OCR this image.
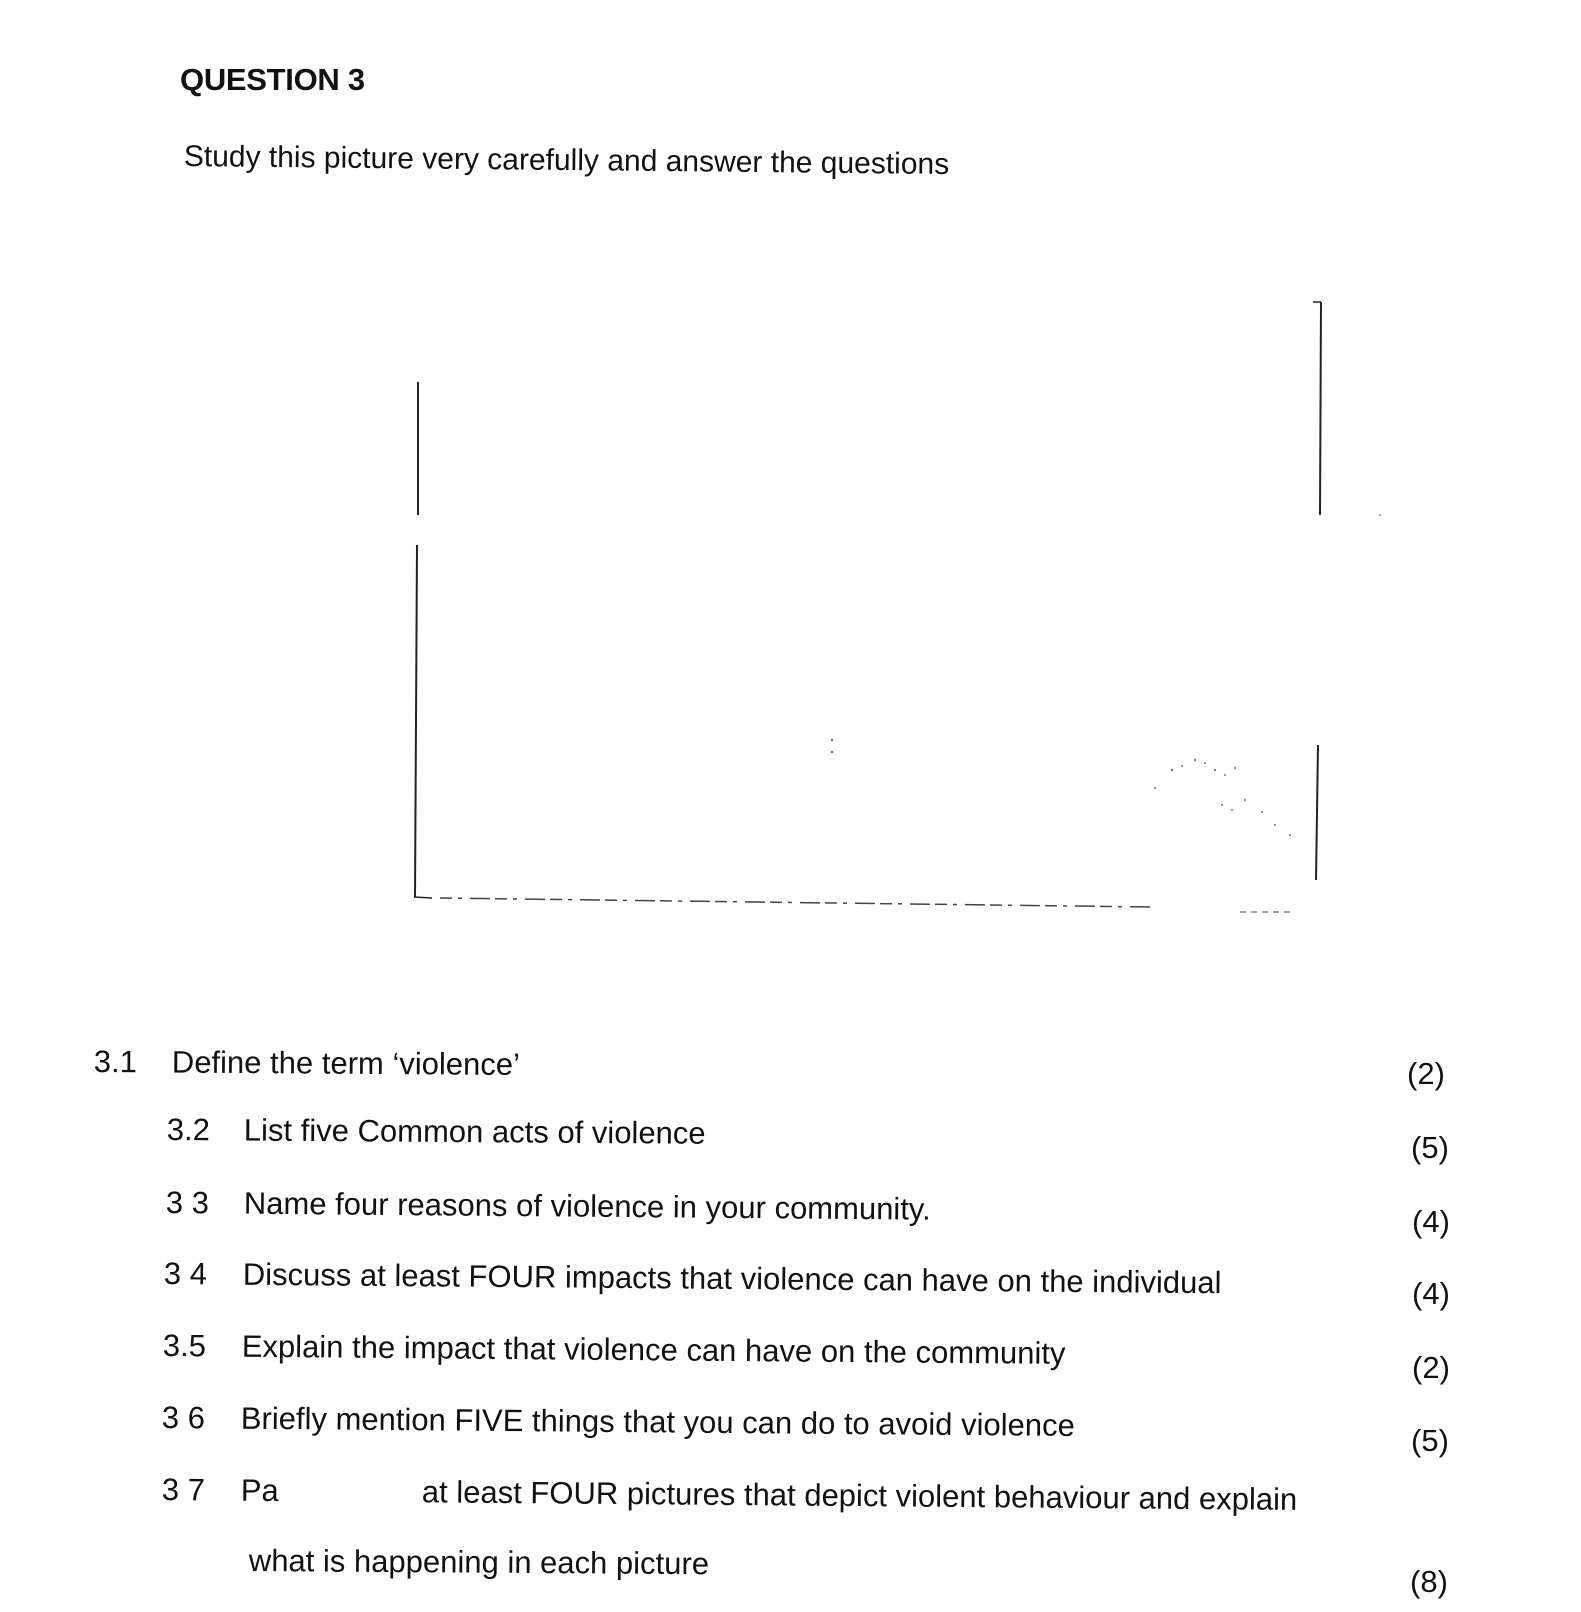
QUESTION 3
Study this picture very carefully and answer the questions
3.1 Define the term ‘violence’	(2)
3.2 List five Common acts of violence	(5)
3 3 Name four reasons of violence in your community.	(4)
3 4 Discuss at least FOUR impacts that violence can have on the individual	(4)
3.5 Explain the impact that violence can have on the community	(2)
3 6 Briefly mention FIVE things that you can do to avoid violence	(5)
3 7 Pa	at least FOUR pictures that depict violent behaviour and explain
what is happening in each picture
(8)
